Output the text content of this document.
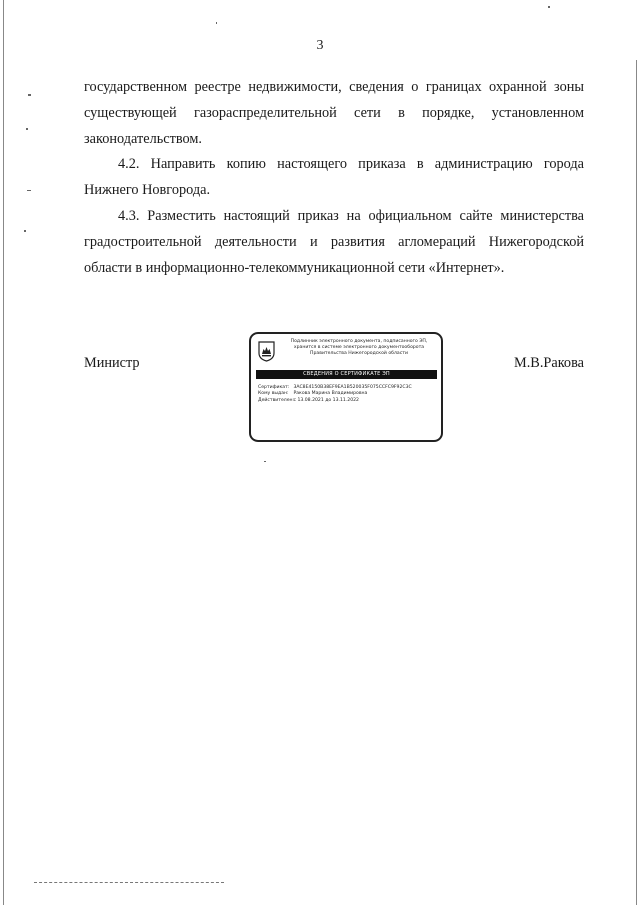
3
государственном реестре недвижимости, сведения о границах охранной зоны
существующей газораспределительной сети в порядке, установленном
законодательством.
4.2. Направить копию настоящего приказа в администрацию города
Нижнего Новгорода.
4.3. Разместить настоящий приказ на официальном сайте министерства
градостроительной деятельности и развития агломераций Нижегородской
области в информационно-телекоммуникационной сети «Интернет».
Министр
Подлинник электронного документа, подписанного ЭП,
хранится в системе электронного документооборота
Правительства Нижегородской области
СВЕДЕНИЯ О СЕРТИФИКАТЕ ЭП
Сертификат: 3AC8E4150B38EF9EA1B520035F075CCFC9F92C3C
Кому выдан: Ракова Марина Владимировна
Действителен: с 13.08.2021 до 13.11.2022
М.В.Ракова
